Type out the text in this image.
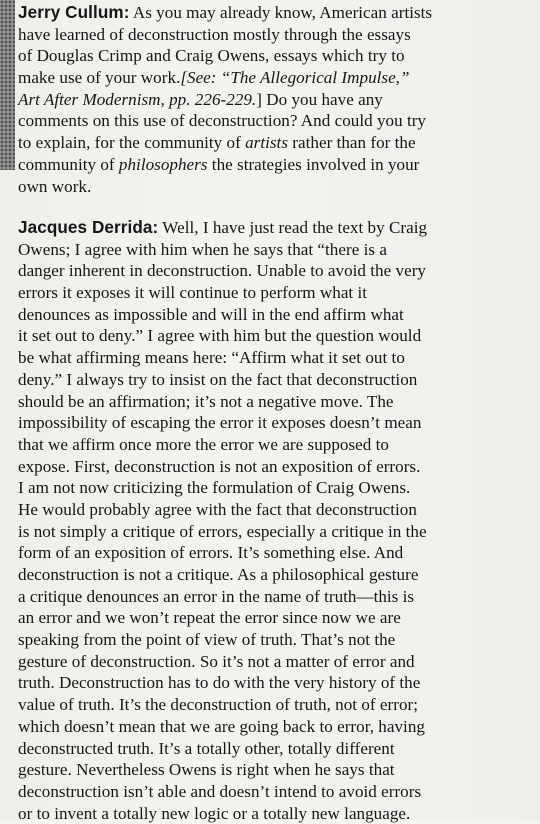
Jerry Cullum: As you may already know, American artists
have learned of deconstruction mostly through the essays
of Douglas Crimp and Craig Owens, essays which try to
make use of your work.[See: “The Allegorical Impulse,”
Art After Modernism, pp. 226-229.] Do you have any
comments on this use of deconstruction? And could you try
to explain, for the community of artists rather than for the
community of philosophers the strategies involved in your
own work.

Jacques Derrida: Well, I have just read the text by Craig
Owens; I agree with him when he says that “there is a
danger inherent in deconstruction. Unable to avoid the very
errors it exposes it will continue to perform what it
denounces as impossible and will in the end affirm what
it set out to deny.” I agree with him but the question would
be what affirming means here: “Affirm what it set out to
deny.” I always try to insist on the fact that deconstruction
should be an affirmation; it’s not a negative move. The
impossibility of escaping the error it exposes doesn’t mean
that we affirm once more the error we are supposed to
expose. First, deconstruction is not an exposition of errors.
I am not now criticizing the formulation of Craig Owens.
He would probably agree with the fact that deconstruction
is not simply a critique of errors, especially a critique in the
form of an exposition of errors. It’s something else. And
deconstruction is not a critique. As a philosophical gesture
a critique denounces an error in the name of truth—this is
an error and we won’t repeat the error since now we are
speaking from the point of view of truth. That’s not the
gesture of deconstruction. So it’s not a matter of error and
truth. Deconstruction has to do with the very history of the
value of truth. It’s the deconstruction of truth, not of error;
which doesn’t mean that we are going back to error, having
deconstructed truth. It’s a totally other, totally different
gesture. Nevertheless Owens is right when he says that
deconstruction isn’t able and doesn’t intend to avoid errors
or to invent a totally new logic or a totally new language.
